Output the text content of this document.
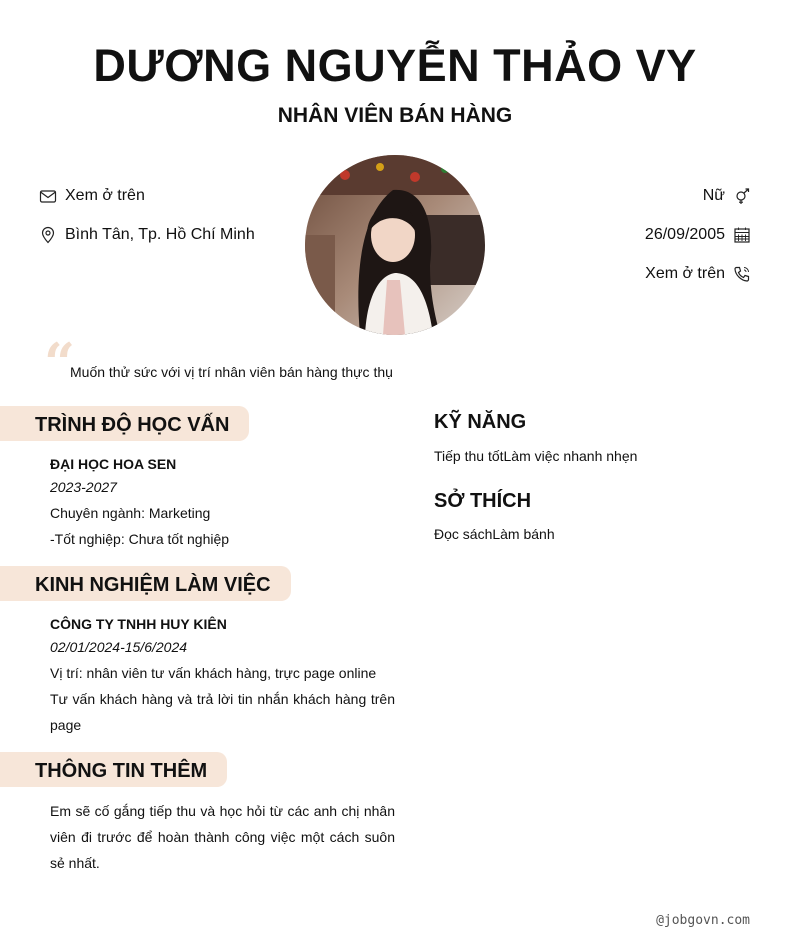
DƯƠNG NGUYỄN THẢO VY
NHÂN VIÊN BÁN HÀNG
Xem ở trên
Bình Tân, Tp. Hồ Chí Minh
Nữ
26/09/2005
Xem ở trên
“
Muốn thử sức với vị trí nhân viên bán hàng thực thụ
TRÌNH ĐỘ HỌC VẤN
ĐẠI HỌC HOA SEN
2023-2027
Chuyên ngành: Marketing
-Tốt nghiệp: Chưa tốt nghiệp
KINH NGHIỆM LÀM VIỆC
CÔNG TY TNHH HUY KIÊN
02/01/2024-15/6/2024
Vị trí: nhân viên tư vấn khách hàng, trực page online
Tư vấn khách hàng và trả lời tin nhắn khách hàng trên page
THÔNG TIN THÊM
Em sẽ cố gắng tiếp thu và học hỏi từ các anh chị nhân viên đi trước để hoàn thành công việc một cách suôn sẻ nhất.
KỸ NĂNG
Tiếp thu tốtLàm việc nhanh nhẹn
SỞ THÍCH
Đọc sáchLàm bánh
@jobgovn.com
